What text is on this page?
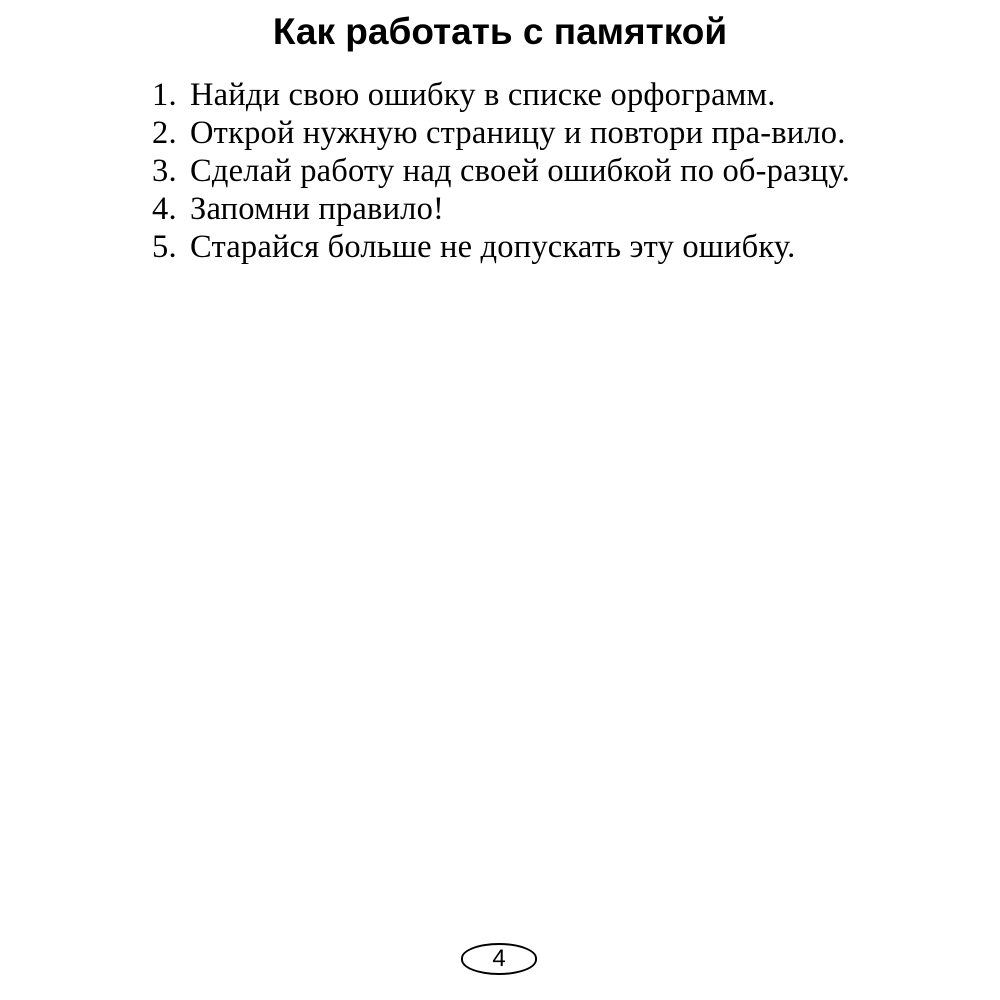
Как работать с памяткой
1. Найди свою ошибку в списке орфограмм.
2. Открой нужную страницу и повтори пра-вило.
3. Сделай работу над своей ошибкой по об-разцу.
4. Запомни правило!
5. Старайся больше не допускать эту ошибку.
4
